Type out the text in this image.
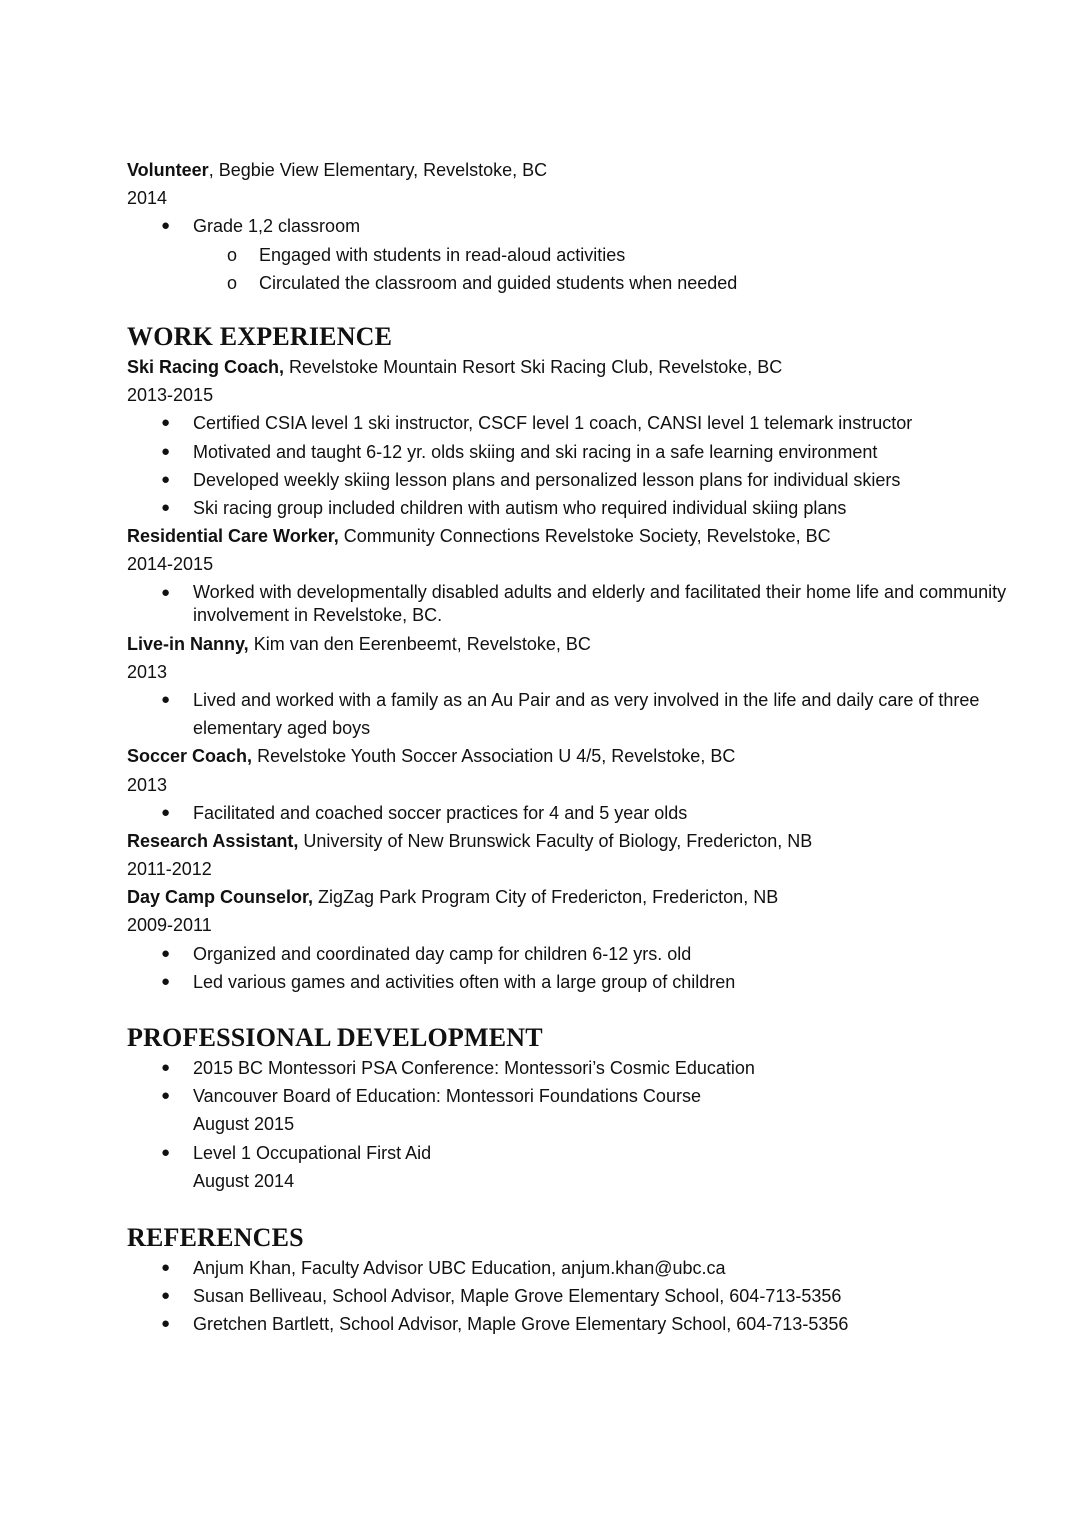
Volunteer, Begbie View Elementary, Revelstoke, BC
2014
● Grade 1,2 classroom
o Engaged with students in read-aloud activities
o Circulated the classroom and guided students when needed
WORK EXPERIENCE
Ski Racing Coach, Revelstoke Mountain Resort Ski Racing Club, Revelstoke, BC
2013-2015
● Certified CSIA level 1 ski instructor, CSCF level 1 coach, CANSI level 1 telemark instructor
● Motivated and taught 6-12 yr. olds skiing and ski racing in a safe learning environment
● Developed weekly skiing lesson plans and personalized lesson plans for individual skiers
● Ski racing group included children with autism who required individual skiing plans
Residential Care Worker, Community Connections Revelstoke Society, Revelstoke, BC
2014-2015
● Worked with developmentally disabled adults and elderly and facilitated their home life and community involvement in Revelstoke, BC.
Live-in Nanny, Kim van den Eerenbeemt, Revelstoke, BC
2013
● Lived and worked with a family as an Au Pair and as very involved in the life and daily care of three elementary aged boys
Soccer Coach, Revelstoke Youth Soccer Association U 4/5, Revelstoke, BC
2013
● Facilitated and coached soccer practices for 4 and 5 year olds
Research Assistant, University of New Brunswick Faculty of Biology, Fredericton, NB
2011-2012
Day Camp Counselor, ZigZag Park Program City of Fredericton, Fredericton, NB
2009-2011
● Organized and coordinated day camp for children 6-12 yrs. old
● Led various games and activities often with a large group of children
PROFESSIONAL DEVELOPMENT
● 2015 BC Montessori PSA Conference: Montessori’s Cosmic Education
● Vancouver Board of Education: Montessori Foundations Course
August 2015
● Level 1 Occupational First Aid
August 2014
REFERENCES
● Anjum Khan, Faculty Advisor UBC Education, anjum.khan@ubc.ca
● Susan Belliveau, School Advisor, Maple Grove Elementary School, 604-713-5356
● Gretchen Bartlett, School Advisor, Maple Grove Elementary School, 604-713-5356
